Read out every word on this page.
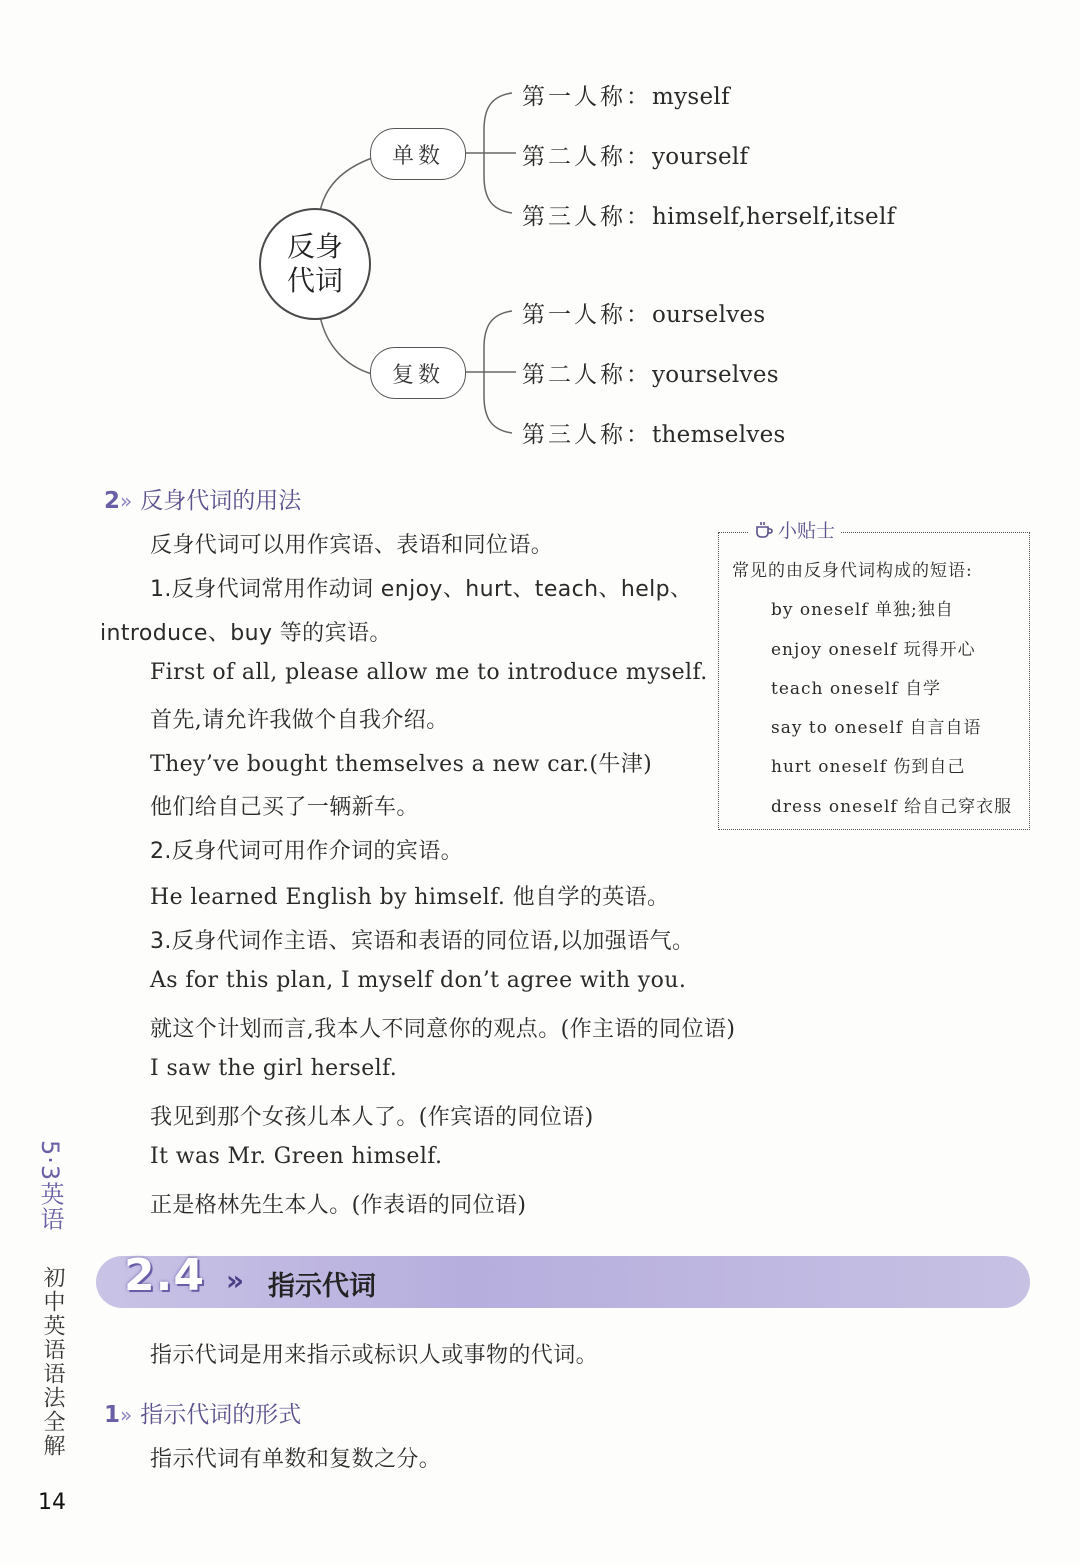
反身代词
单数
复数
第一人称：myself
第二人称：yourself
第三人称：himself,herself,itself
第一人称：ourselves
第二人称：yourselves
第三人称：themselves
2» 反身代词的用法
反身代词可以用作宾语、表语和同位语。
1.反身代词常用作动词 enjoy、hurt、teach、help、
introduce、buy 等的宾语。
First of all, please allow me to introduce myself.
首先,请允许我做个自我介绍。
They’ve bought themselves a new car.(牛津)
他们给自己买了一辆新车。
2.反身代词可用作介词的宾语。
He learned English by himself. 他自学的英语。
3.反身代词作主语、宾语和表语的同位语,以加强语气。
As for this plan, I myself don’t agree with you.
就这个计划而言,我本人不同意你的观点。(作主语的同位语)
I saw the girl herself.
我见到那个女孩儿本人了。(作宾语的同位语)
It was Mr. Green himself.
正是格林先生本人。(作表语的同位语)
小贴士
常见的由反身代词构成的短语:
by oneself 单独;独自
enjoy oneself 玩得开心
teach oneself 自学
say to oneself 自言自语
hurt oneself 伤到自己
dress oneself 给自己穿衣服
2.4 » 指示代词
指示代词是用来指示或标识人或事物的代词。
1» 指示代词的形式
指示代词有单数和复数之分。
5·3英语
初中英语语法全解
14
